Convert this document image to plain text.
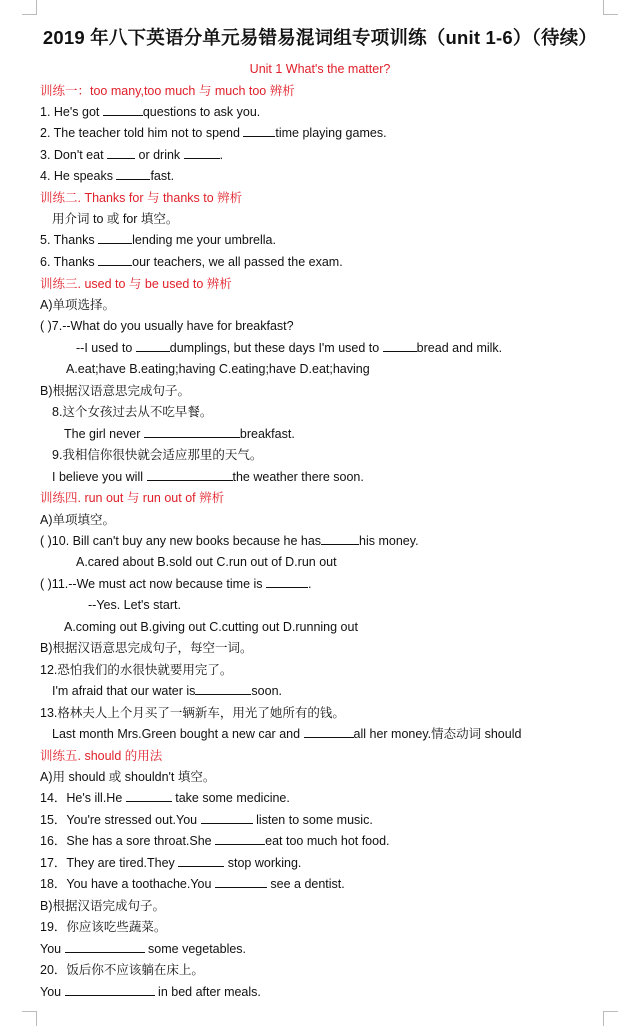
2019 年八下英语分单元易错易混词组专项训练（unit 1-6）（待续）
Unit 1 What's the matter?
训练一：too many,too much 与 much too 辨析
1. He's got	questions to ask you.
2. The teacher told him not to spend	time playing games.
3. Don't eat  or drink	.
4. He speaks	fast.
训练二. Thanks for 与 thanks to 辨析
用介词 to 或 for 填空。
5. Thanks	lending me your umbrella.
6. Thanks	our teachers, we all passed the exam.
训练三. used to 与 be used to 辨析
A)单项选择。
( )7.--What do you usually have for breakfast?
--I used to	dumplings, but these days I'm used to	bread and milk.
A.eat;have B.eating;having C.eating;have D.eat;having
B)根据汉语意思完成句子。
8.这个女孩过去从不吃早餐。
The girl never	breakfast.
9.我相信你很快就会适应那里的天气。
I believe you will	the weather there soon.
训练四. run out 与 run out of 辨析
A)单项填空。
( )10. Bill can't buy any new books because he has	his money.
A.cared about B.sold out C.run out of D.run out
( )11.--We must act now because time is	.
--Yes. Let's start.
A.coming out B.giving out C.cutting out D.running out
B)根据汉语意思完成句子，每空一词。
12.恐怕我们的水很快就要用完了。
I'm afraid that our water is	soon.
13.格林夫人上个月买了一辆新车，用光了她所有的钱。
Last month Mrs.Green bought a new car and	all her money.情态动词 should
训练五. should 的用法
A)用 should 或 shouldn't 填空。
14．He's ill.He	take some medicine.
15．You're stressed out.You	listen to some music.
16．She has a sore throat.She	eat too much hot food.
17．They are tired.They	stop working.
18．You have a toothache.You	see a dentist.
B)根据汉语完成句子。
19．你应该吃些蔬菜。
You	some vegetables.
20．饭后你不应该躺在床上。
You	in bed after meals.
